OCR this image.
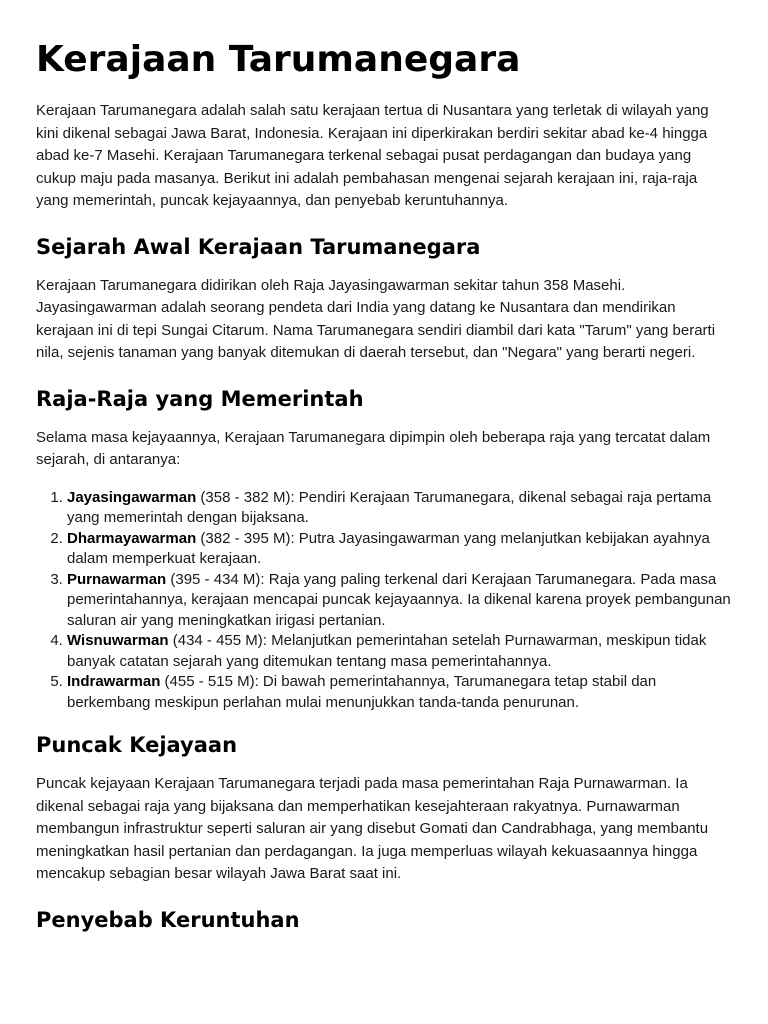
Kerajaan Tarumanegara

Kerajaan Tarumanegara adalah salah satu kerajaan tertua di Nusantara yang terletak di wilayah yang kini dikenal sebagai Jawa Barat, Indonesia. Kerajaan ini diperkirakan berdiri sekitar abad ke-4 hingga abad ke-7 Masehi. Kerajaan Tarumanegara terkenal sebagai pusat perdagangan dan budaya yang cukup maju pada masanya. Berikut ini adalah pembahasan mengenai sejarah kerajaan ini, raja-raja yang memerintah, puncak kejayaannya, dan penyebab keruntuhannya.

Sejarah Awal Kerajaan Tarumanegara

Kerajaan Tarumanegara didirikan oleh Raja Jayasingawarman sekitar tahun 358 Masehi. Jayasingawarman adalah seorang pendeta dari India yang datang ke Nusantara dan mendirikan kerajaan ini di tepi Sungai Citarum. Nama Tarumanegara sendiri diambil dari kata "Tarum" yang berarti nila, sejenis tanaman yang banyak ditemukan di daerah tersebut, dan "Negara" yang berarti negeri.

Raja-Raja yang Memerintah

Selama masa kejayaannya, Kerajaan Tarumanegara dipimpin oleh beberapa raja yang tercatat dalam sejarah, di antaranya:

1. Jayasingawarman (358 - 382 M): Pendiri Kerajaan Tarumanegara, dikenal sebagai raja pertama yang memerintah dengan bijaksana.
2. Dharmayawarman (382 - 395 M): Putra Jayasingawarman yang melanjutkan kebijakan ayahnya dalam memperkuat kerajaan.
3. Purnawarman (395 - 434 M): Raja yang paling terkenal dari Kerajaan Tarumanegara. Pada masa pemerintahannya, kerajaan mencapai puncak kejayaannya. Ia dikenal karena proyek pembangunan saluran air yang meningkatkan irigasi pertanian.
4. Wisnuwarman (434 - 455 M): Melanjutkan pemerintahan setelah Purnawarman, meskipun tidak banyak catatan sejarah yang ditemukan tentang masa pemerintahannya.
5. Indrawarman (455 - 515 M): Di bawah pemerintahannya, Tarumanegara tetap stabil dan berkembang meskipun perlahan mulai menunjukkan tanda-tanda penurunan.
Puncak Kejayaan

Puncak kejayaan Kerajaan Tarumanegara terjadi pada masa pemerintahan Raja Purnawarman. Ia dikenal sebagai raja yang bijaksana dan memperhatikan kesejahteraan rakyatnya. Purnawarman membangun infrastruktur seperti saluran air yang disebut Gomati dan Candrabhaga, yang membantu meningkatkan hasil pertanian dan perdagangan. Ia juga memperluas wilayah kekuasaannya hingga mencakup sebagian besar wilayah Jawa Barat saat ini.

Penyebab Keruntuhan
